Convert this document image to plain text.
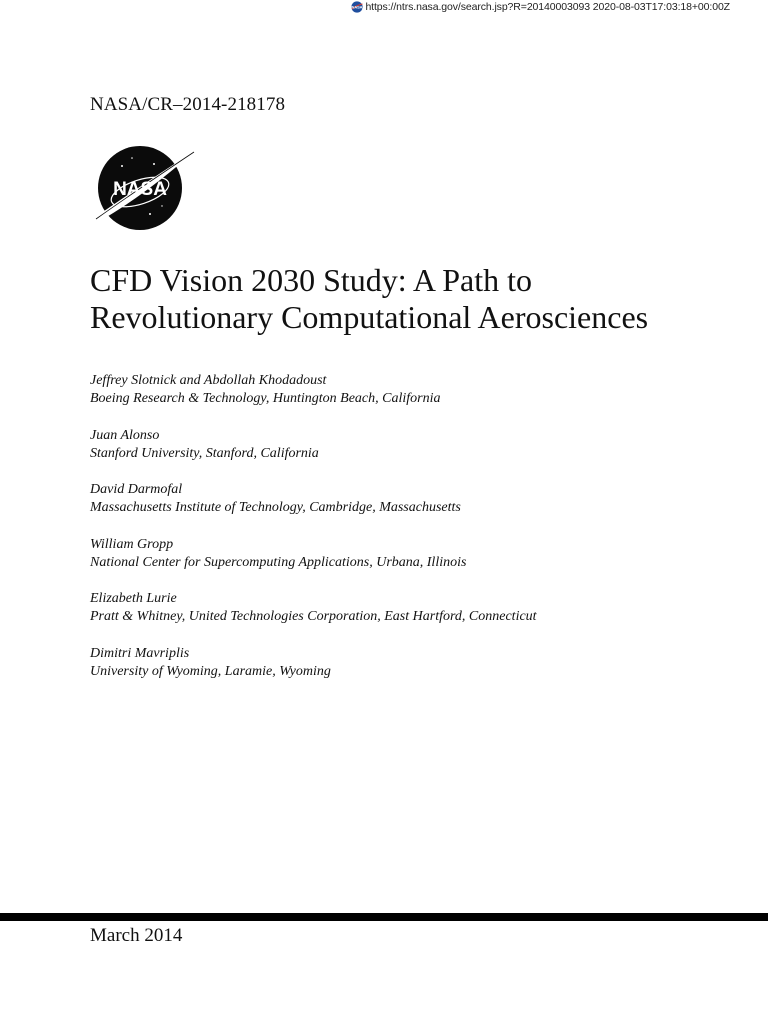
NASA https://ntrs.nasa.gov/search.jsp?R=20140003093
2020-08-03T17:03:18+00:00Z
NASA/CR–2014-218178
NASA
CFD Vision 2030 Study: A Path to
Revolutionary Computational Aerosciences
Jeffrey Slotnick and Abdollah Khodadoust
Boeing Research & Technology, Huntington Beach, California
Juan Alonso
Stanford University, Stanford, California
David Darmofal
Massachusetts Institute of Technology, Cambridge, Massachusetts
William Gropp
National Center for Supercomputing Applications, Urbana, Illinois
Elizabeth Lurie
Pratt & Whitney, United Technologies Corporation, East Hartford, Connecticut
Dimitri Mavriplis
University of Wyoming, Laramie, Wyoming
March 2014
